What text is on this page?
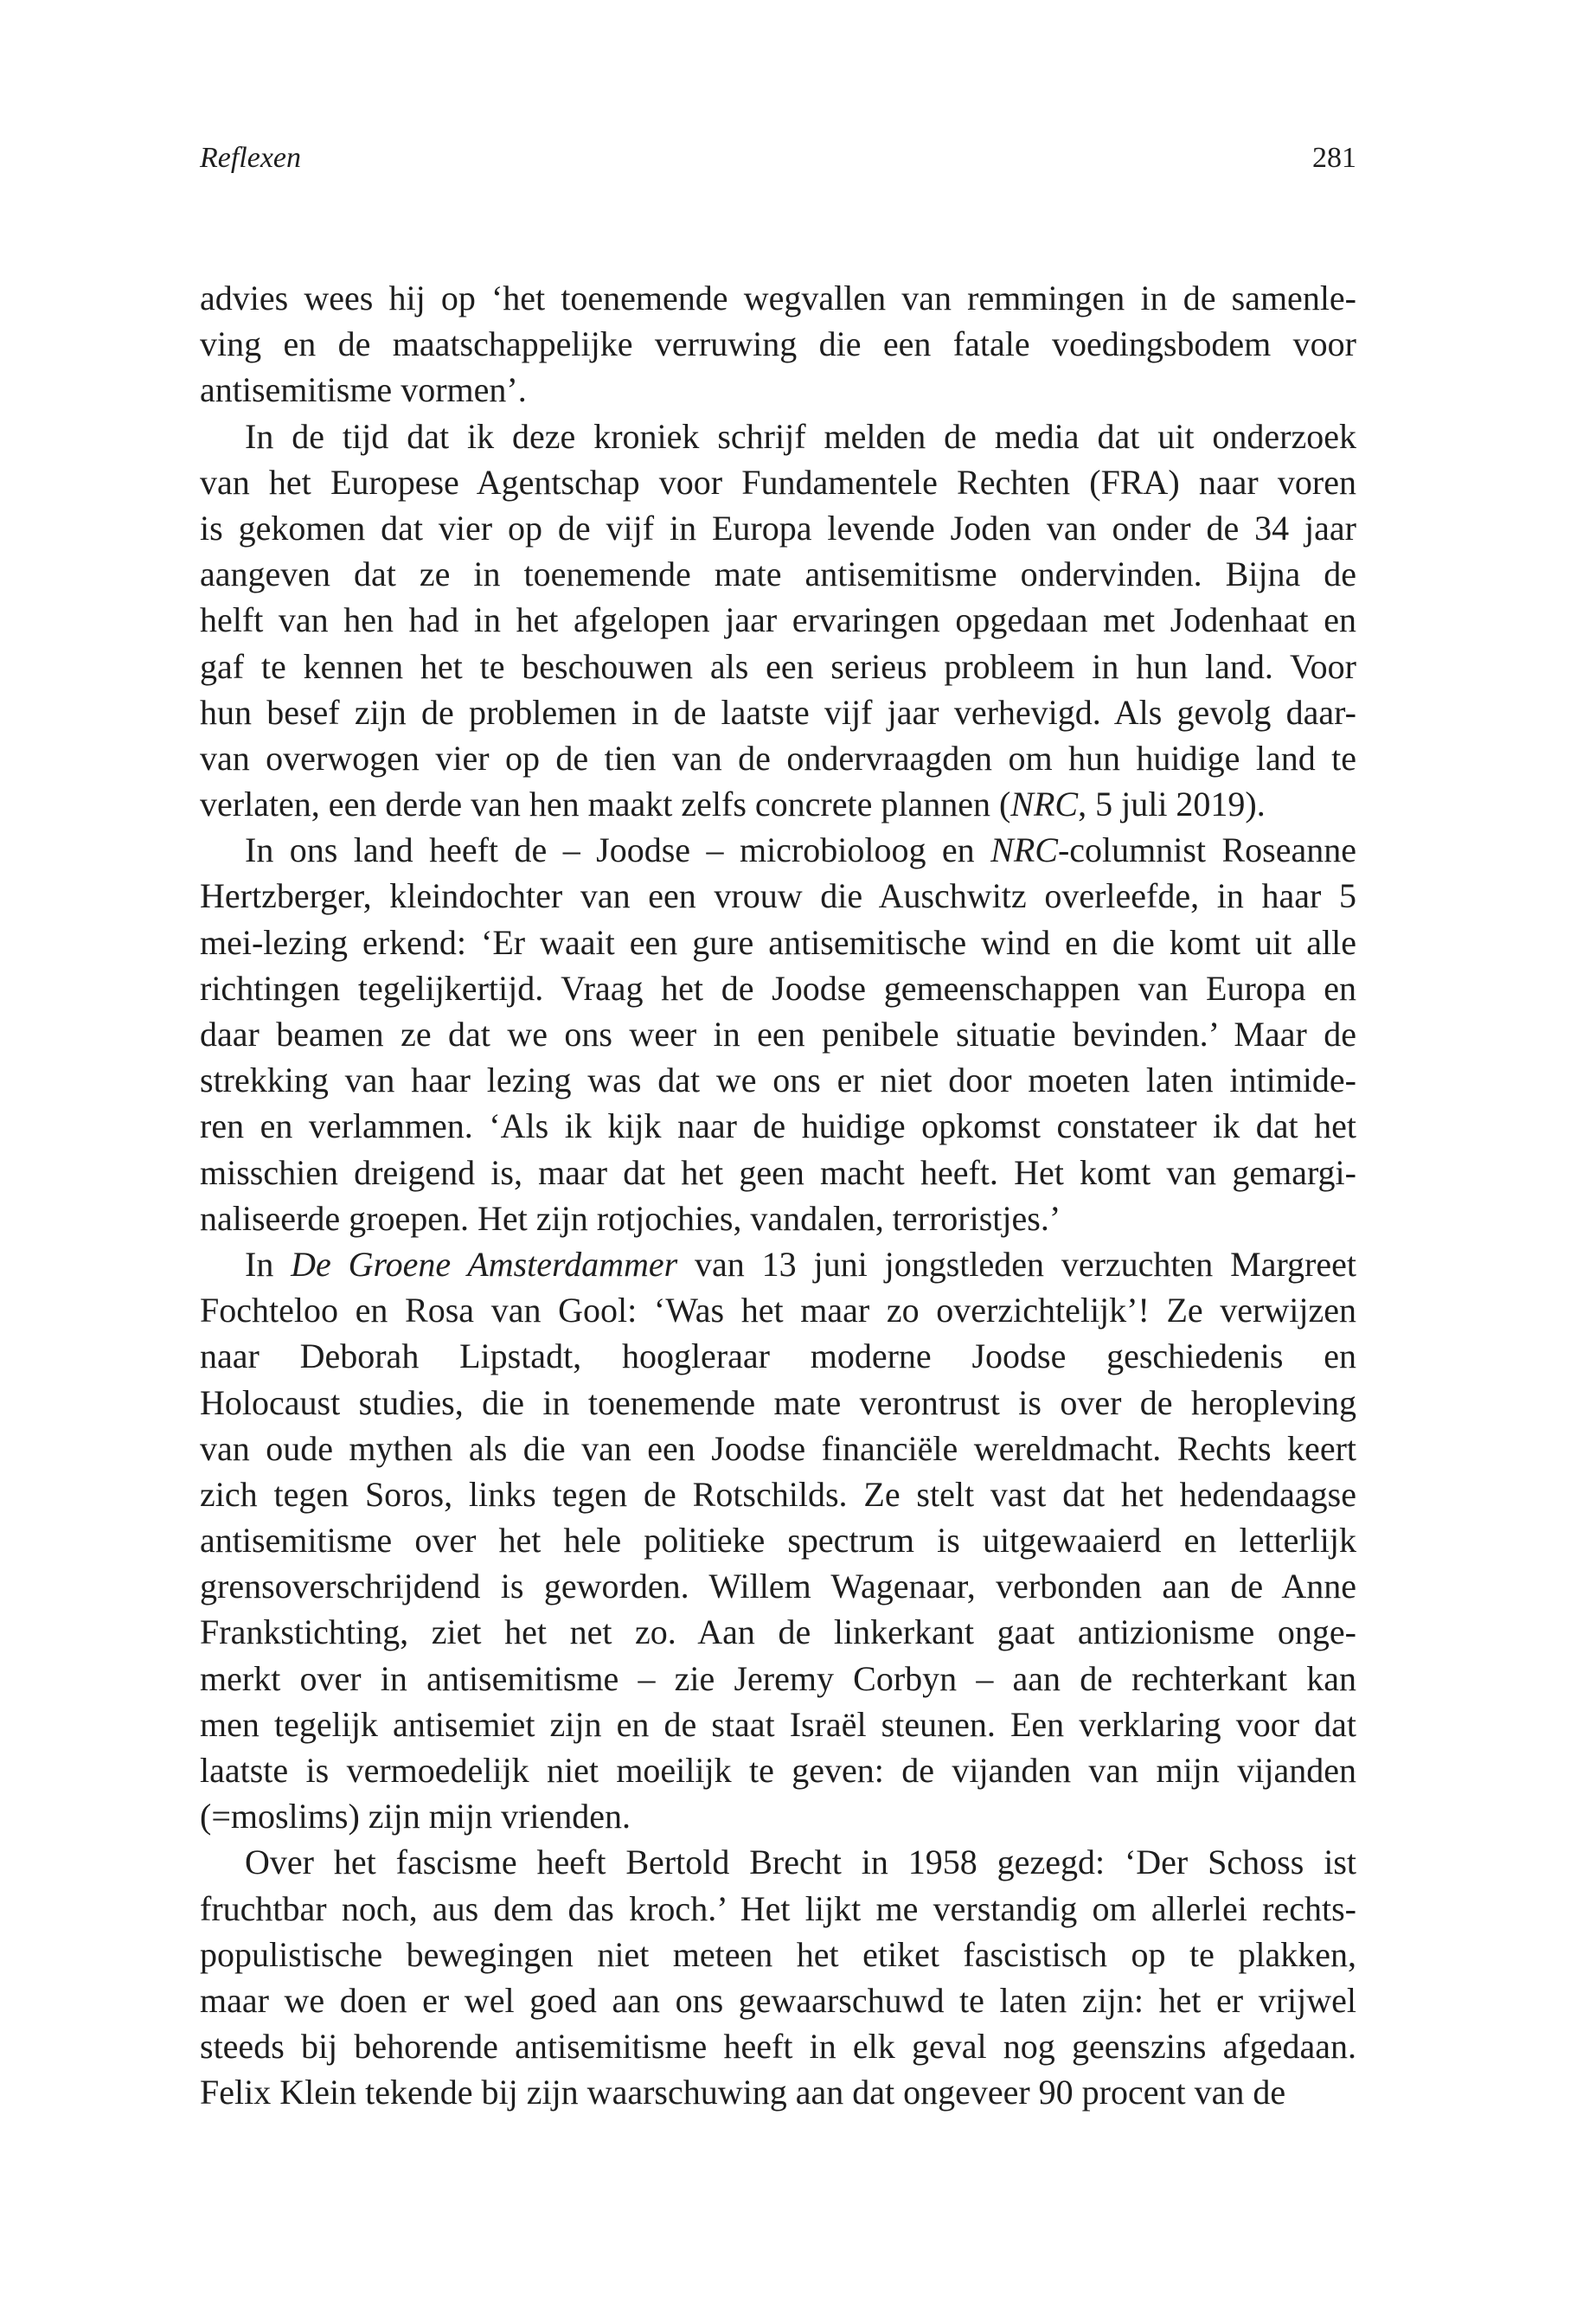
Reflexen	281
advies wees hij op ‘het toenemende wegvallen van remmingen in de samenle-
ving en de maatschappelijke verruwing die een fatale voedingsbodem voor
antisemitisme vormen’.
In de tijd dat ik deze kroniek schrijf melden de media dat uit onderzoek
van het Europese Agentschap voor Fundamentele Rechten (FRA) naar voren
is gekomen dat vier op de vijf in Europa levende Joden van onder de 34 jaar
aangeven dat ze in toenemende mate antisemitisme ondervinden. Bijna de
helft van hen had in het afgelopen jaar ervaringen opgedaan met Jodenhaat en
gaf te kennen het te beschouwen als een serieus probleem in hun land. Voor
hun besef zijn de problemen in de laatste vijf jaar verhevigd. Als gevolg daar-
van overwogen vier op de tien van de ondervraagden om hun huidige land te
verlaten, een derde van hen maakt zelfs concrete plannen (NRC, 5 juli 2019).
In ons land heeft de – Joodse – microbioloog en NRC-columnist Roseanne
Hertzberger, kleindochter van een vrouw die Auschwitz overleefde, in haar 5
mei-lezing erkend: ‘Er waait een gure antisemitische wind en die komt uit alle
richtingen tegelijkertijd. Vraag het de Joodse gemeenschappen van Europa en
daar beamen ze dat we ons weer in een penibele situatie bevinden.’ Maar de
strekking van haar lezing was dat we ons er niet door moeten laten intimide-
ren en verlammen. ‘Als ik kijk naar de huidige opkomst constateer ik dat het
misschien dreigend is, maar dat het geen macht heeft. Het komt van gemargi-
naliseerde groepen. Het zijn rotjochies, vandalen, terroristjes.’
In De Groene Amsterdammer van 13 juni jongstleden verzuchten Margreet
Fochteloo en Rosa van Gool: ‘Was het maar zo overzichtelijk’! Ze verwijzen
naar Deborah Lipstadt, hoogleraar moderne Joodse geschiedenis en
Holocaust studies, die in toenemende mate verontrust is over de heropleving
van oude mythen als die van een Joodse financiële wereldmacht. Rechts keert
zich tegen Soros, links tegen de Rotschilds. Ze stelt vast dat het hedendaagse
antisemitisme over het hele politieke spectrum is uitgewaaierd en letterlijk
grensoverschrijdend is geworden. Willem Wagenaar, verbonden aan de Anne
Frankstichting, ziet het net zo. Aan de linkerkant gaat antizionisme onge-
merkt over in antisemitisme – zie Jeremy Corbyn – aan de rechterkant kan
men tegelijk antisemiet zijn en de staat Israël steunen. Een verklaring voor dat
laatste is vermoedelijk niet moeilijk te geven: de vijanden van mijn vijanden
(=moslims) zijn mijn vrienden.
Over het fascisme heeft Bertold Brecht in 1958 gezegd: ‘Der Schoss ist
fruchtbar noch, aus dem das kroch.’ Het lijkt me verstandig om allerlei rechts-
populistische bewegingen niet meteen het etiket fascistisch op te plakken,
maar we doen er wel goed aan ons gewaarschuwd te laten zijn: het er vrijwel
steeds bij behorende antisemitisme heeft in elk geval nog geenszins afgedaan.
Felix Klein tekende bij zijn waarschuwing aan dat ongeveer 90 procent van de
